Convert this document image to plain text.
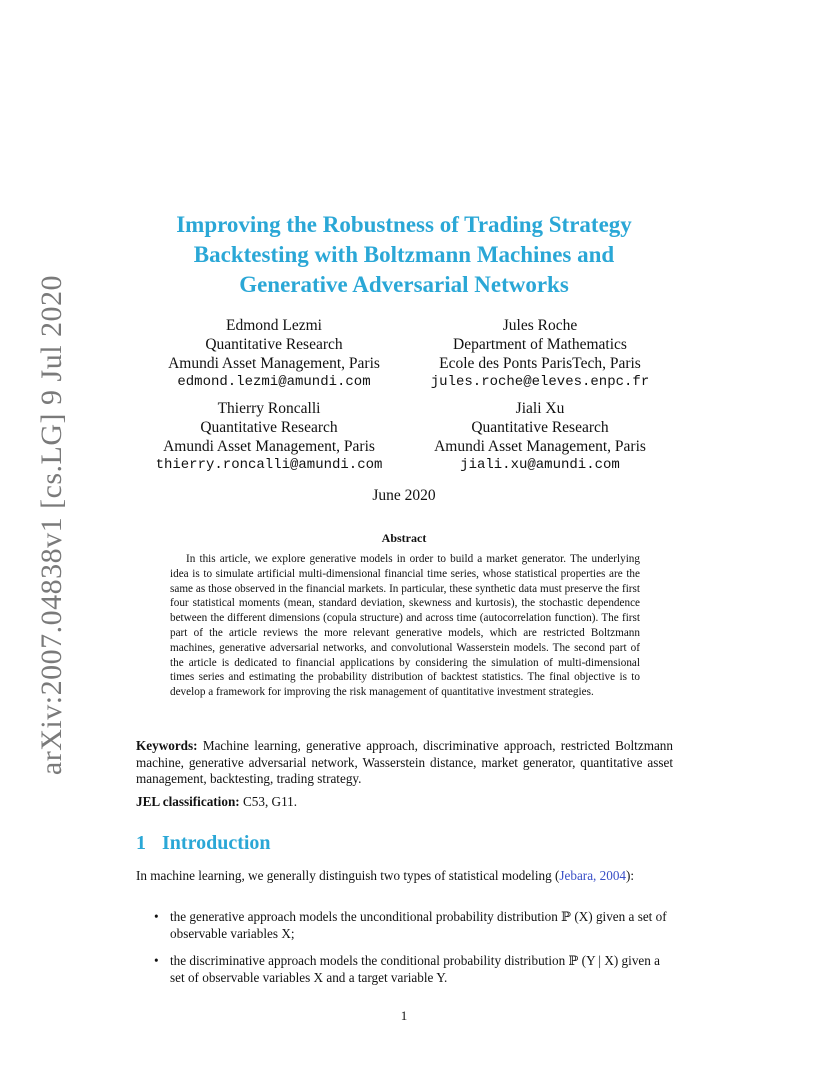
arXiv:2007.04838v1 [cs.LG] 9 Jul 2020
Improving the Robustness of Trading Strategy
Backtesting with Boltzmann Machines and
Generative Adversarial Networks
Edmond Lezmi
Quantitative Research
Amundi Asset Management, Paris
edmond.lezmi@amundi.com
Jules Roche
Department of Mathematics
Ecole des Ponts ParisTech, Paris
jules.roche@eleves.enpc.fr
Thierry Roncalli
Quantitative Research
Amundi Asset Management, Paris
thierry.roncalli@amundi.com
Jiali Xu
Quantitative Research
Amundi Asset Management, Paris
jiali.xu@amundi.com
June 2020
Abstract
In this article, we explore generative models in order to build a market generator. The underlying idea is to simulate artificial multi-dimensional financial time series, whose statistical properties are the same as those observed in the financial markets. In particular, these synthetic data must preserve the first four statistical moments (mean, standard deviation, skewness and kurtosis), the stochastic dependence between the different dimensions (copula structure) and across time (autocorrelation function). The first part of the article reviews the more relevant generative models, which are restricted Boltzmann machines, generative adversarial networks, and convolutional Wasserstein models. The second part of the article is dedicated to financial applications by considering the simulation of multi-dimensional times series and estimating the probability distribution of backtest statistics. The final objective is to develop a framework for improving the risk management of quantitative investment strategies.
Keywords: Machine learning, generative approach, discriminative approach, restricted Boltzmann machine, generative adversarial network, Wasserstein distance, market generator, quantitative asset management, backtesting, trading strategy.
JEL classification: C53, G11.
1 Introduction
In machine learning, we generally distinguish two types of statistical modeling (Jebara, 2004):
• the generative approach models the unconditional probability distribution ℙ (X) given a set of observable variables X;
• the discriminative approach models the conditional probability distribution ℙ (Y | X) given a set of observable variables X and a target variable Y.
1
